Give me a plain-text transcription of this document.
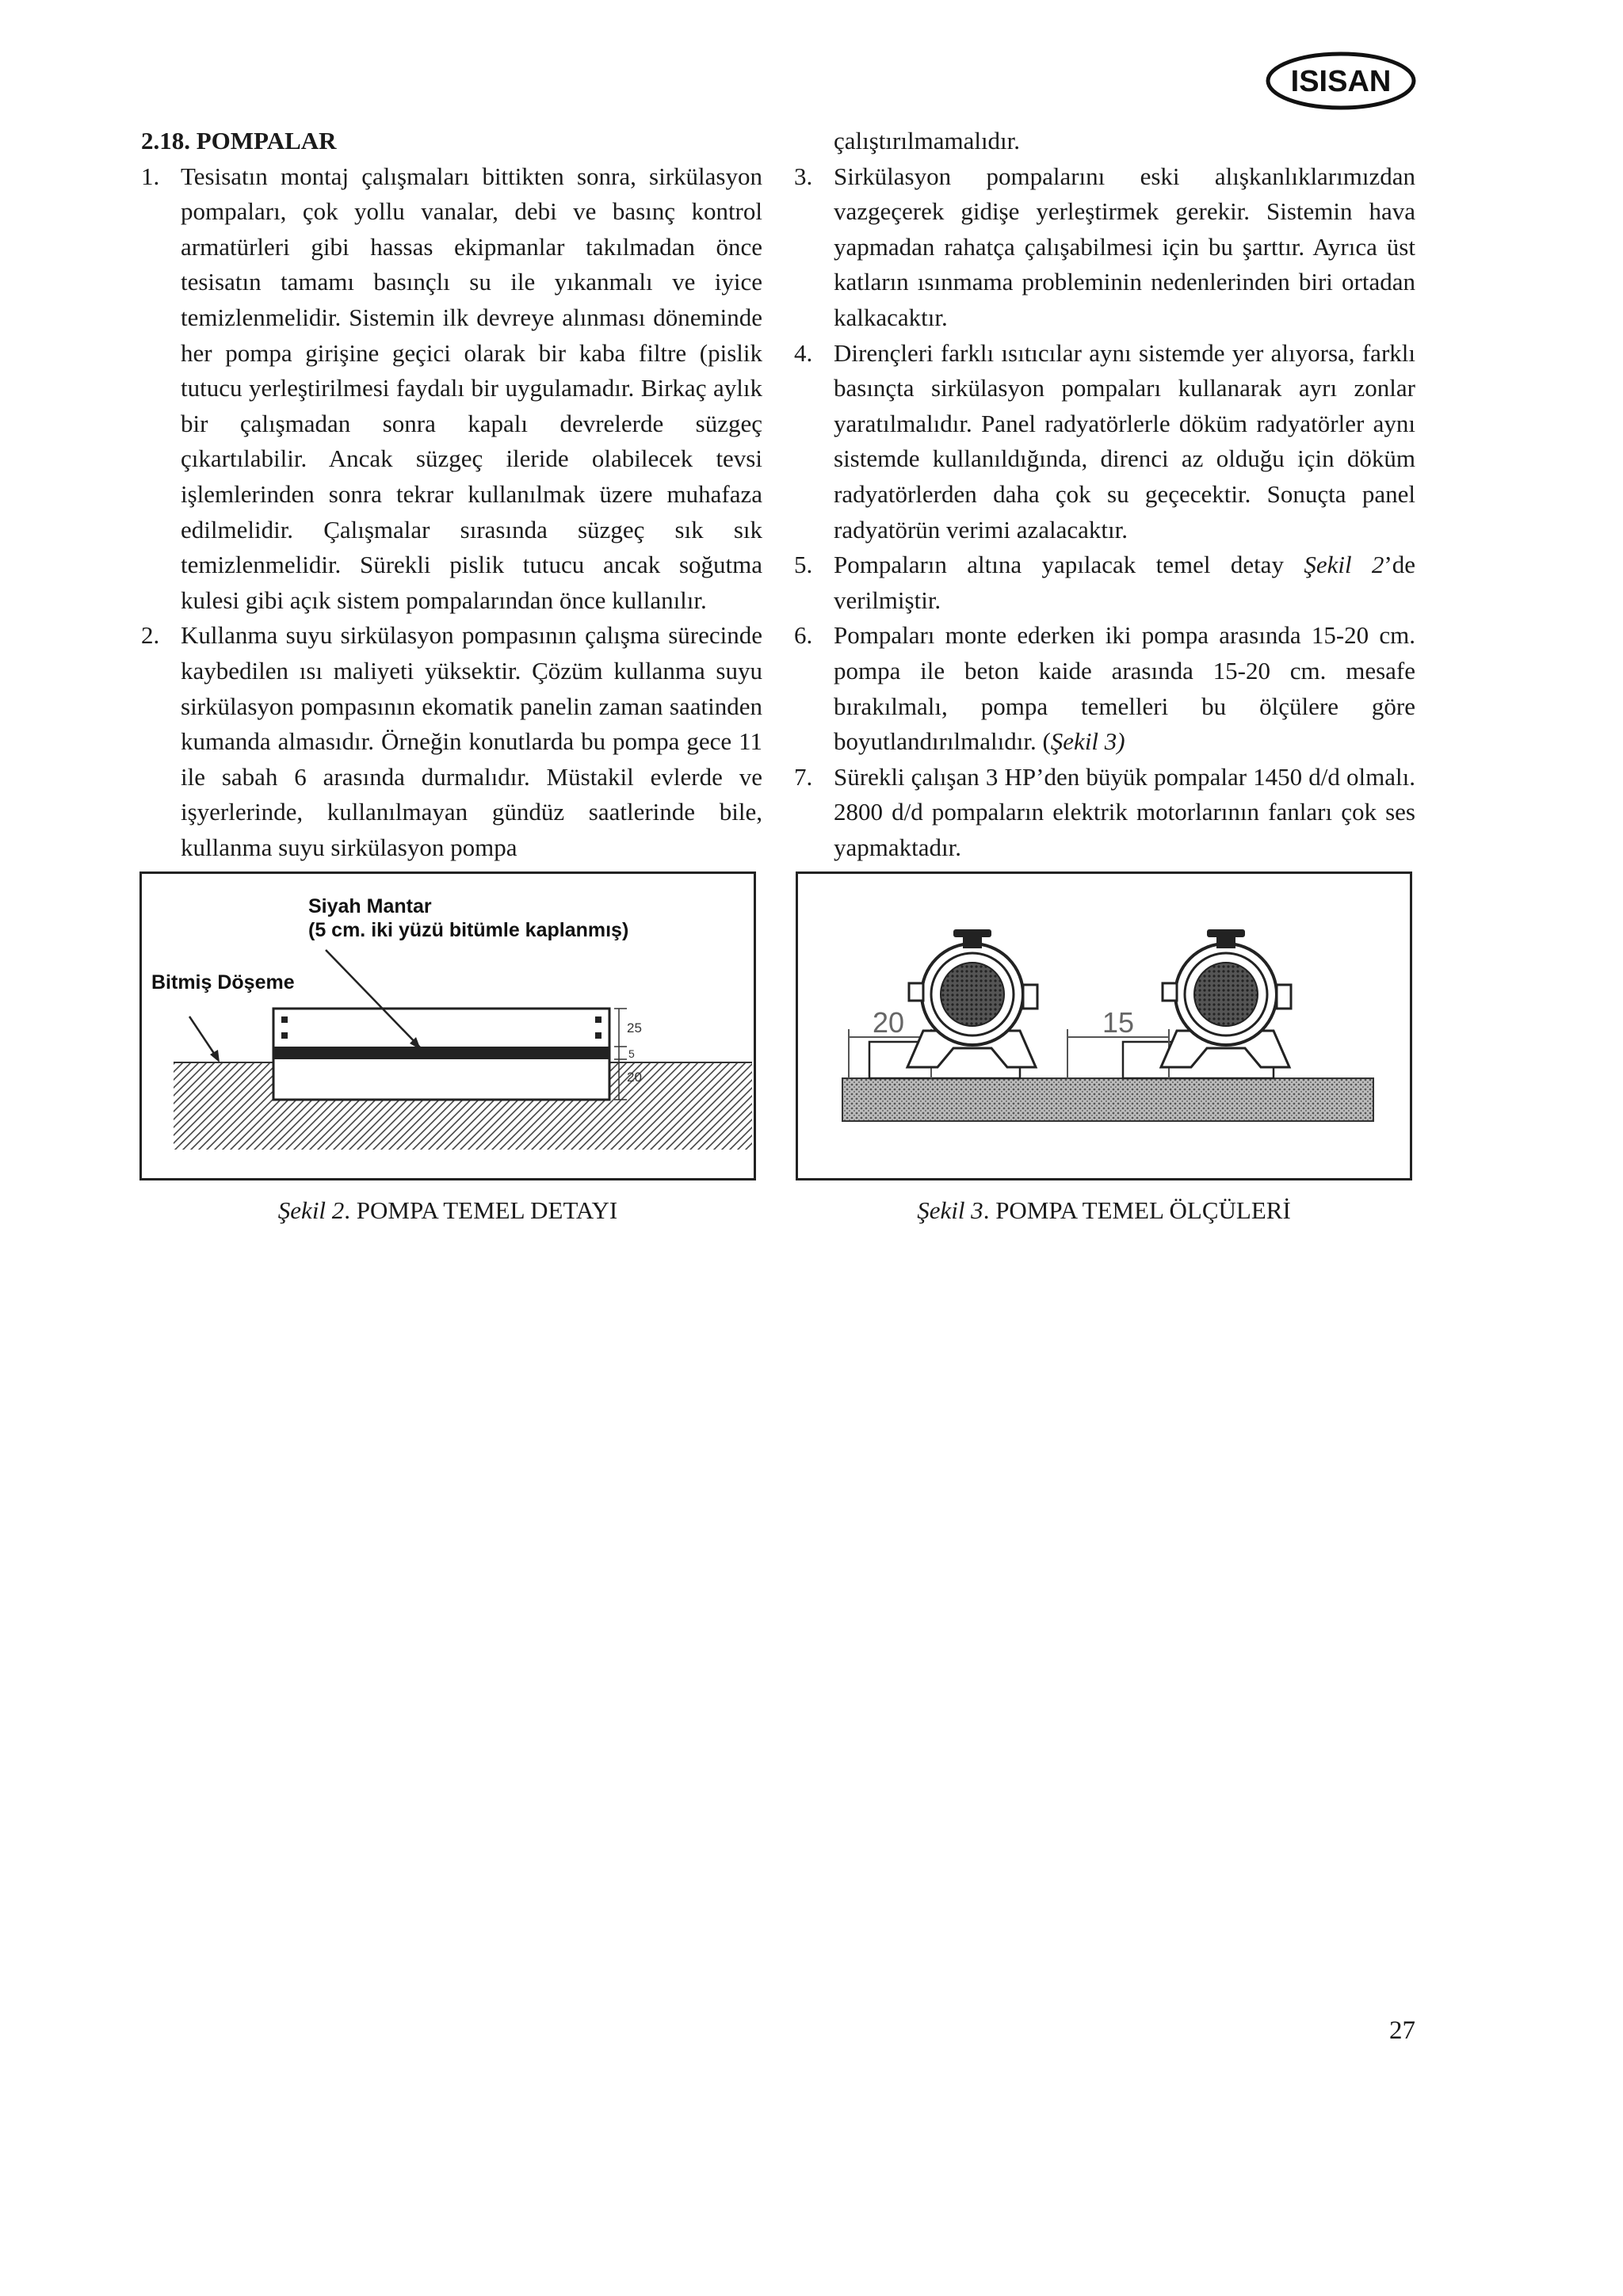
ISISAN

2.18. POMPALAR

1. Tesisatın montaj çalışmaları bittikten sonra, sirkülasyon pompaları, çok yollu vanalar, debi ve basınç kontrol armatürleri gibi hassas ekipmanlar takılmadan önce tesisatın tamamı basınçlı su ile yıkanmalı ve iyice temizlenmelidir. Sistemin ilk devreye alınması döneminde her pompa girişine geçici olarak bir kaba filtre (pislik tutucu yerleştirilmesi faydalı bir uygulamadır. Birkaç aylık bir çalışmadan sonra kapalı devrelerde süzgeç çıkartılabilir. Ancak süzgeç ileride olabilecek tevsi işlemlerinden sonra tekrar kullanılmak üzere muhafaza edilmelidir. Çalışmalar sırasında süzgeç sık sık temizlenmelidir. Sürekli pislik tutucu ancak soğutma kulesi gibi açık sistem pompalarından önce kullanılır.
2. Kullanma suyu sirkülasyon pompasının çalışma sürecinde kaybedilen ısı maliyeti yüksektir. Çözüm kullanma suyu sirkülasyon pompasının ekomatik panelin zaman saatinden kumanda almasıdır. Örneğin konutlarda bu pompa gece 11 ile sabah 6 arasında durmalıdır. Müstakil evlerde ve işyerlerinde, kullanılmayan gündüz saatlerinde bile, kullanma suyu sirkülasyon pompa
çalıştırılmamalıdır.
3. Sirkülasyon pompalarını eski alışkanlıklarımızdan vazgeçerek gidişe yerleştirmek gerekir. Sistemin hava yapmadan rahatça çalışabilmesi için bu şarttır. Ayrıca üst katların ısınmama probleminin nedenlerinden biri ortadan kalkacaktır.
4. Dirençleri farklı ısıtıcılar aynı sistemde yer alıyorsa, farklı basınçta sirkülasyon pompaları kullanarak ayrı zonlar yaratılmalıdır. Panel radyatörlerle döküm radyatörler aynı sistemde kullanıldığında, direnci az olduğu için döküm radyatörlerden daha çok su geçecektir. Sonuçta panel radyatörün verimi azalacaktır.
5. Pompaların altına yapılacak temel detay Şekil 2’de verilmiştir.
6. Pompaları monte ederken iki pompa arasında 15-20 cm. pompa ile beton kaide arasında 15-20 cm. mesafe bırakılmalı, pompa temelleri bu ölçülere göre boyutlandırılmalıdır. (Şekil 3)
7. Sürekli çalışan 3 HP’den büyük pompalar 1450 d/d olmalı. 2800 d/d pompaların elektrik motorlarının fanları çok ses yapmaktadır.
25
5
20
Siyah Mantar
(5 cm. iki yüzü bitümle kaplanmış)
Bitmiş Döşeme
20	15
Şekil 2. POMPA TEMEL DETAYI	Şekil 3. POMPA TEMEL ÖLÇÜLERİ
27
